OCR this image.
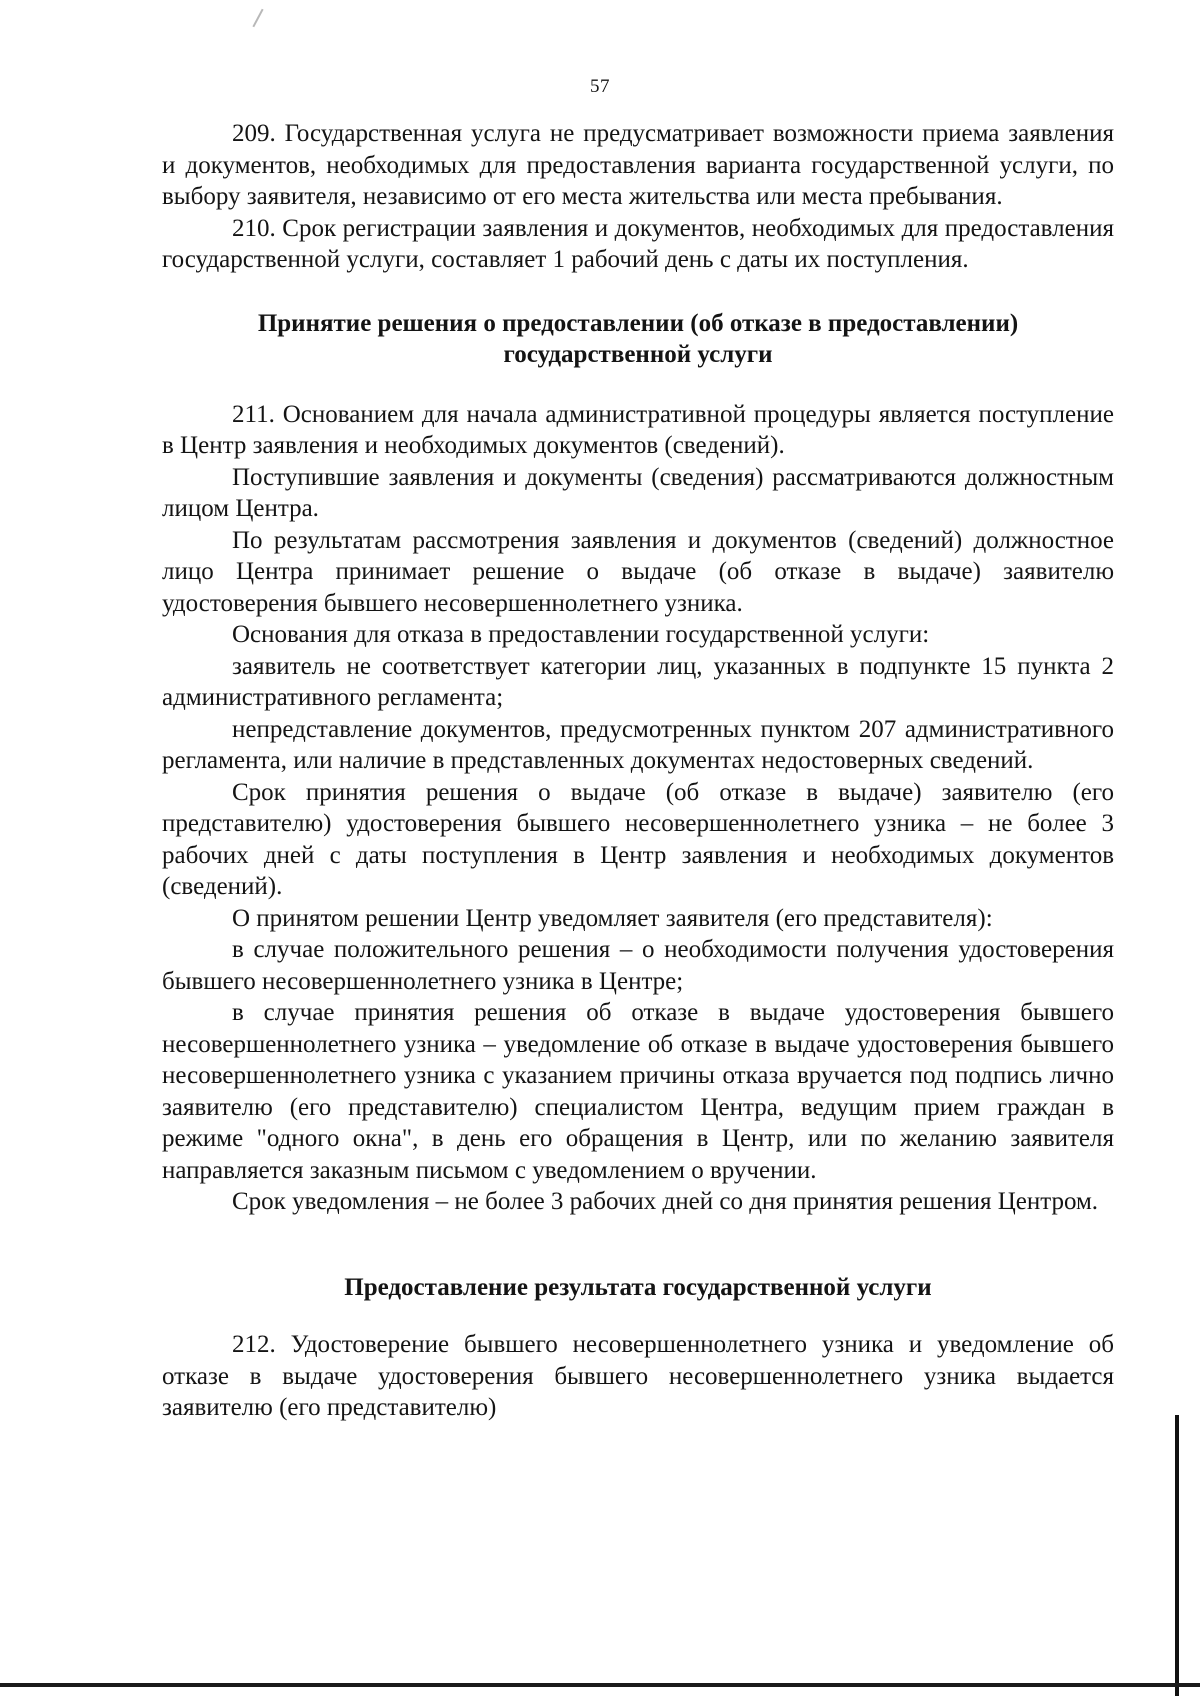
57

209. Государственная услуга не предусматривает возможности приема заявления и документов, необходимых для предоставления варианта государственной услуги, по выбору заявителя, независимо от его места жительства или места пребывания.

210. Срок регистрации заявления и документов, необходимых для предоставления государственной услуги, составляет 1 рабочий день с даты их поступления.

Принятие решения о предоставлении (об отказе в предоставлении)
государственной услуги

211. Основанием для начала административной процедуры является поступление в Центр заявления и необходимых документов (сведений).

Поступившие заявления и документы (сведения) рассматриваются должностным лицом Центра.

По результатам рассмотрения заявления и документов (сведений) должностное лицо Центра принимает решение о выдаче (об отказе в выдаче) заявителю удостоверения бывшего несовершеннолетнего узника.

Основания для отказа в предоставлении государственной услуги:

заявитель не соответствует категории лиц, указанных в подпункте 15 пункта 2 административного регламента;

непредставление документов, предусмотренных пунктом 207 административного регламента, или наличие в представленных документах недостоверных сведений.

Срок принятия решения о выдаче (об отказе в выдаче) заявителю (его представителю) удостоверения бывшего несовершеннолетнего узника – не более 3 рабочих дней с даты поступления в Центр заявления и необходимых документов (сведений).

О принятом решении Центр уведомляет заявителя (его представителя):

в случае положительного решения – о необходимости получения удостоверения бывшего несовершеннолетнего узника в Центре;

в случае принятия решения об отказе в выдаче удостоверения бывшего несовершеннолетнего узника – уведомление об отказе в выдаче удостоверения бывшего несовершеннолетнего узника с указанием причины отказа вручается под подпись лично заявителю (его представителю) специалистом Центра, ведущим прием граждан в режиме "одного окна", в день его обращения в Центр, или по желанию заявителя направляется заказным письмом с уведомлением о вручении.

Срок уведомления – не более 3 рабочих дней со дня принятия решения Центром.

Предоставление результата государственной услуги

212. Удостоверение бывшего несовершеннолетнего узника и уведомление об отказе в выдаче удостоверения бывшего несовершеннолетнего узника выдается заявителю (его представителю)
